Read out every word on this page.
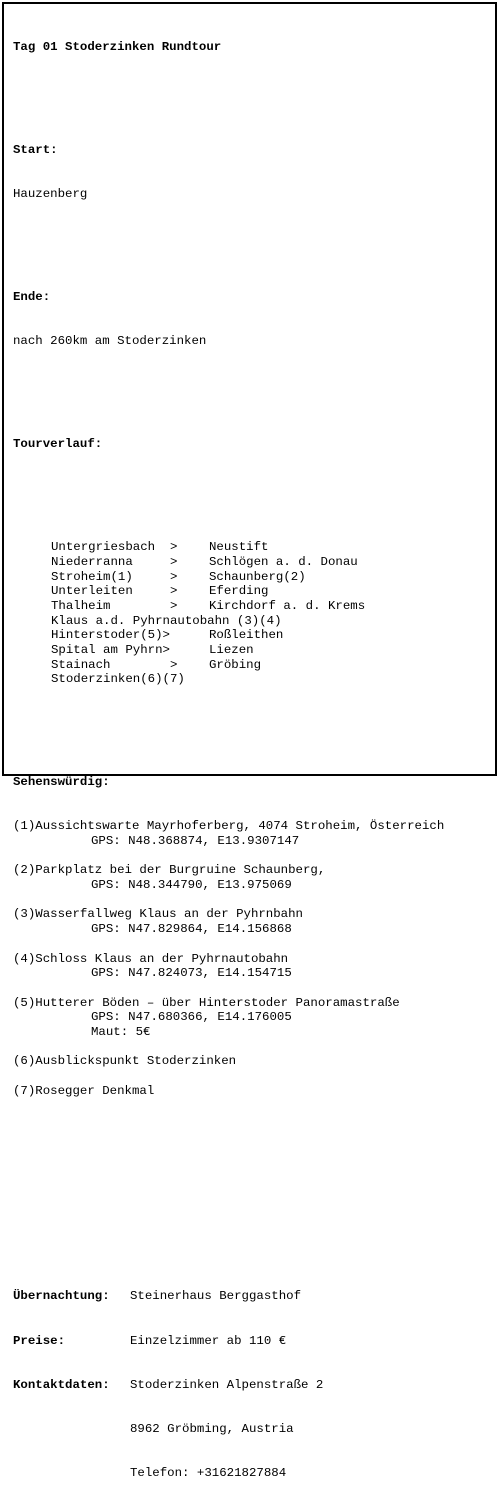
Tag 01 Stoderzinken Rundtour

Start:

Hauzenberg

Ende:

nach 260km am Stoderzinken

Tourverlauf:

Untergriesbach >	Neustift
Niederranna	>	Schlögen a. d. Donau
Stroheim(1)	>	Schaunberg(2)
Unterleiten	>	Eferding
Thalheim	>	Kirchdorf a. d. Krems
Klaus a.d. Pyhrnautobahn (3)(4)
Hinterstoder(5)>	Roßleithen
Spital am Pyhrn>	Liezen
Stainach	>	Gröbing
Stoderzinken(6)(7)

Sehenswürdig:

(1)Aussichtswarte Mayrhoferberg, 4074 Stroheim, Österreich
GPS: N48.368874, E13.9307147
(2)Parkplatz bei der Burgruine Schaunberg,
GPS: N48.344790, E13.975069
(3)Wasserfallweg Klaus an der Pyhrnbahn
GPS: N47.829864, E14.156868
(4)Schloss Klaus an der Pyhrnautobahn
GPS: N47.824073, E14.154715
(5)Hutterer Böden – über Hinterstoder Panoramastraße
GPS: N47.680366, E14.176005
Maut: 5€
(6)Ausblickspunkt Stoderzinken
(7)Rosegger Denkmal

Übernachtung: Steinerhaus Berggasthof

Preise:	Einzelzimmer ab 110 €

Kontaktdaten: Stoderzinken Alpenstraße 2

8962 Gröbming, Austria

Telefon: +31621827884
